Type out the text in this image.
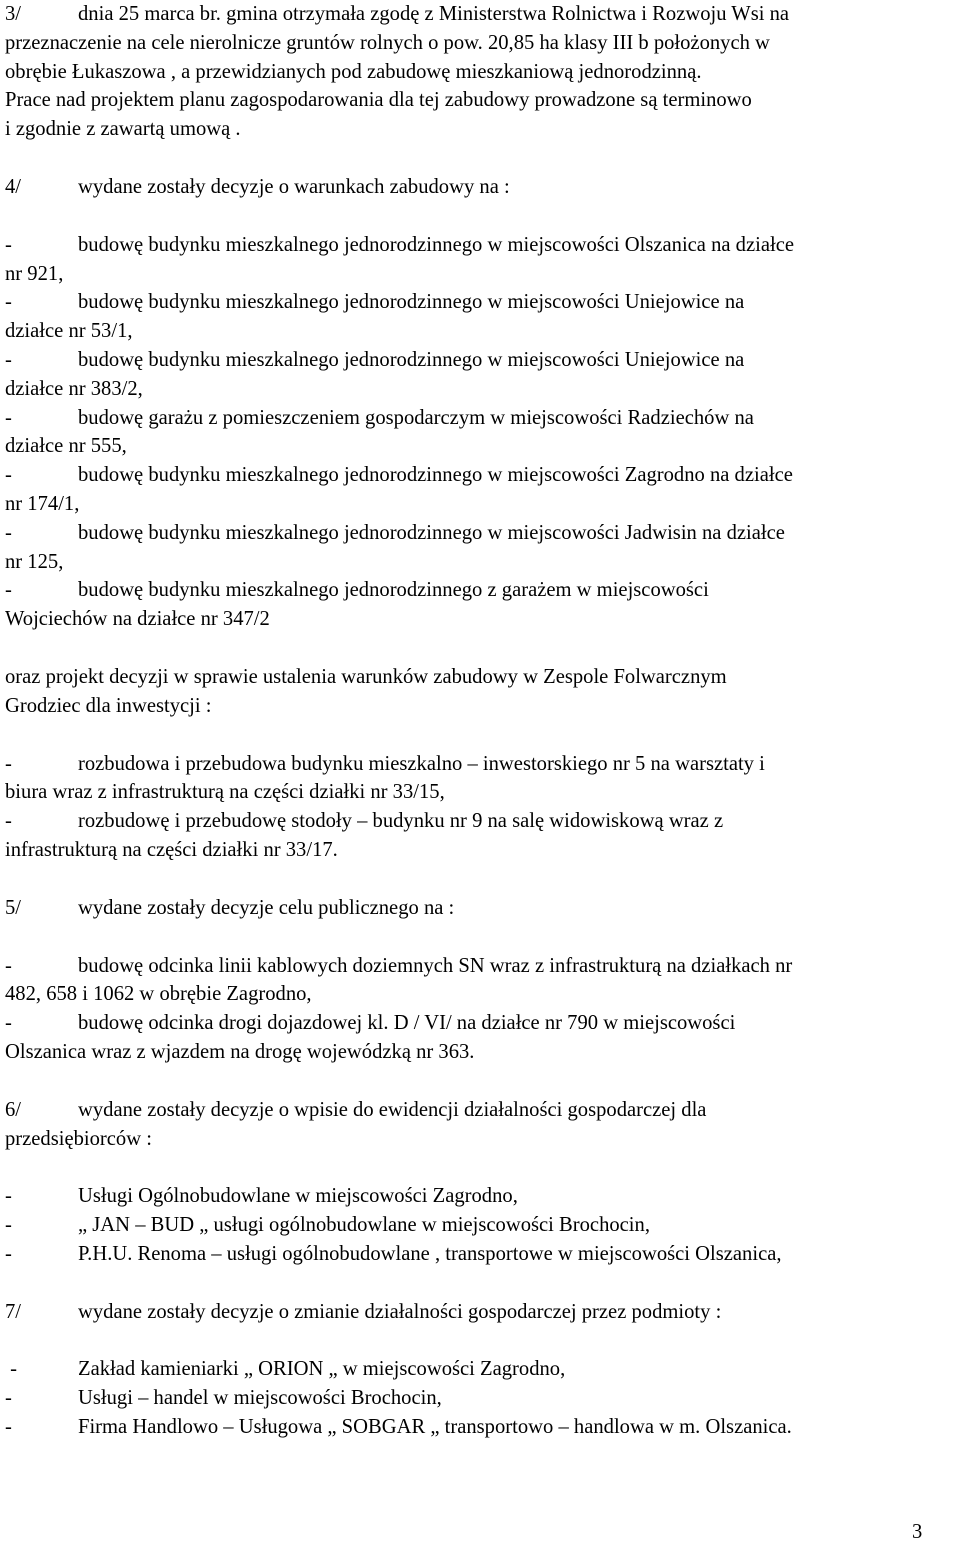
3/	dnia 25 marca br. gmina otrzymała zgodę z Ministerstwa Rolnictwa i Rozwoju Wsi na
przeznaczenie na cele nierolnicze gruntów rolnych o pow. 20,85 ha klasy III b położonych w
obrębie Łukaszowa , a przewidzianych pod zabudowę mieszkaniową jednorodzinną.
Prace nad projektem planu zagospodarowania dla tej zabudowy prowadzone są terminowo
i zgodnie z zawartą umową .
4/	wydane zostały decyzje o warunkach zabudowy na :
-	budowę budynku mieszkalnego jednorodzinnego w miejscowości Olszanica na działce
nr 921,
-	budowę budynku mieszkalnego jednorodzinnego w miejscowości Uniejowice na
działce nr 53/1,
-	budowę budynku mieszkalnego jednorodzinnego w miejscowości Uniejowice na
działce nr 383/2,
-	budowę garażu z pomieszczeniem gospodarczym w miejscowości Radziechów na
działce nr 555,
-	budowę budynku mieszkalnego jednorodzinnego w miejscowości Zagrodno na działce
nr 174/1,
-	budowę budynku mieszkalnego jednorodzinnego w miejscowości Jadwisin na działce
nr 125,
-	budowę budynku mieszkalnego jednorodzinnego z garażem w miejscowości
Wojciechów na działce nr 347/2
oraz projekt decyzji w sprawie ustalenia warunków zabudowy w Zespole Folwarcznym
Grodziec dla inwestycji :
-	rozbudowa i przebudowa budynku mieszkalno – inwestorskiego nr 5 na warsztaty i
biura wraz z infrastrukturą na części działki nr 33/15,
-	rozbudowę i przebudowę stodoły – budynku nr 9 na salę widowiskową wraz z
infrastrukturą na części działki nr 33/17.
5/	wydane zostały decyzje celu publicznego na :
-	budowę odcinka linii kablowych doziemnych SN wraz z infrastrukturą na działkach nr
482, 658 i 1062 w obrębie Zagrodno,
-	budowę odcinka drogi dojazdowej kl. D / VI/ na działce nr 790 w miejscowości
Olszanica wraz z wjazdem na drogę wojewódzką nr 363.
6/	wydane zostały decyzje o wpisie do ewidencji działalności gospodarczej dla
przedsiębiorców :
-	Usługi Ogólnobudowlane w miejscowości Zagrodno,
-	„ JAN – BUD „ usługi ogólnobudowlane w miejscowości Brochocin,
-	P.H.U. Renoma – usługi ogólnobudowlane , transportowe w miejscowości Olszanica,
7/	wydane zostały decyzje o zmianie działalności gospodarczej przez podmioty :
-	Zakład kamieniarki „ ORION „ w miejscowości Zagrodno,
-	Usługi – handel w miejscowości Brochocin,
-	Firma Handlowo – Usługowa „ SOBGAR „ transportowo – handlowa w m. Olszanica.
3
